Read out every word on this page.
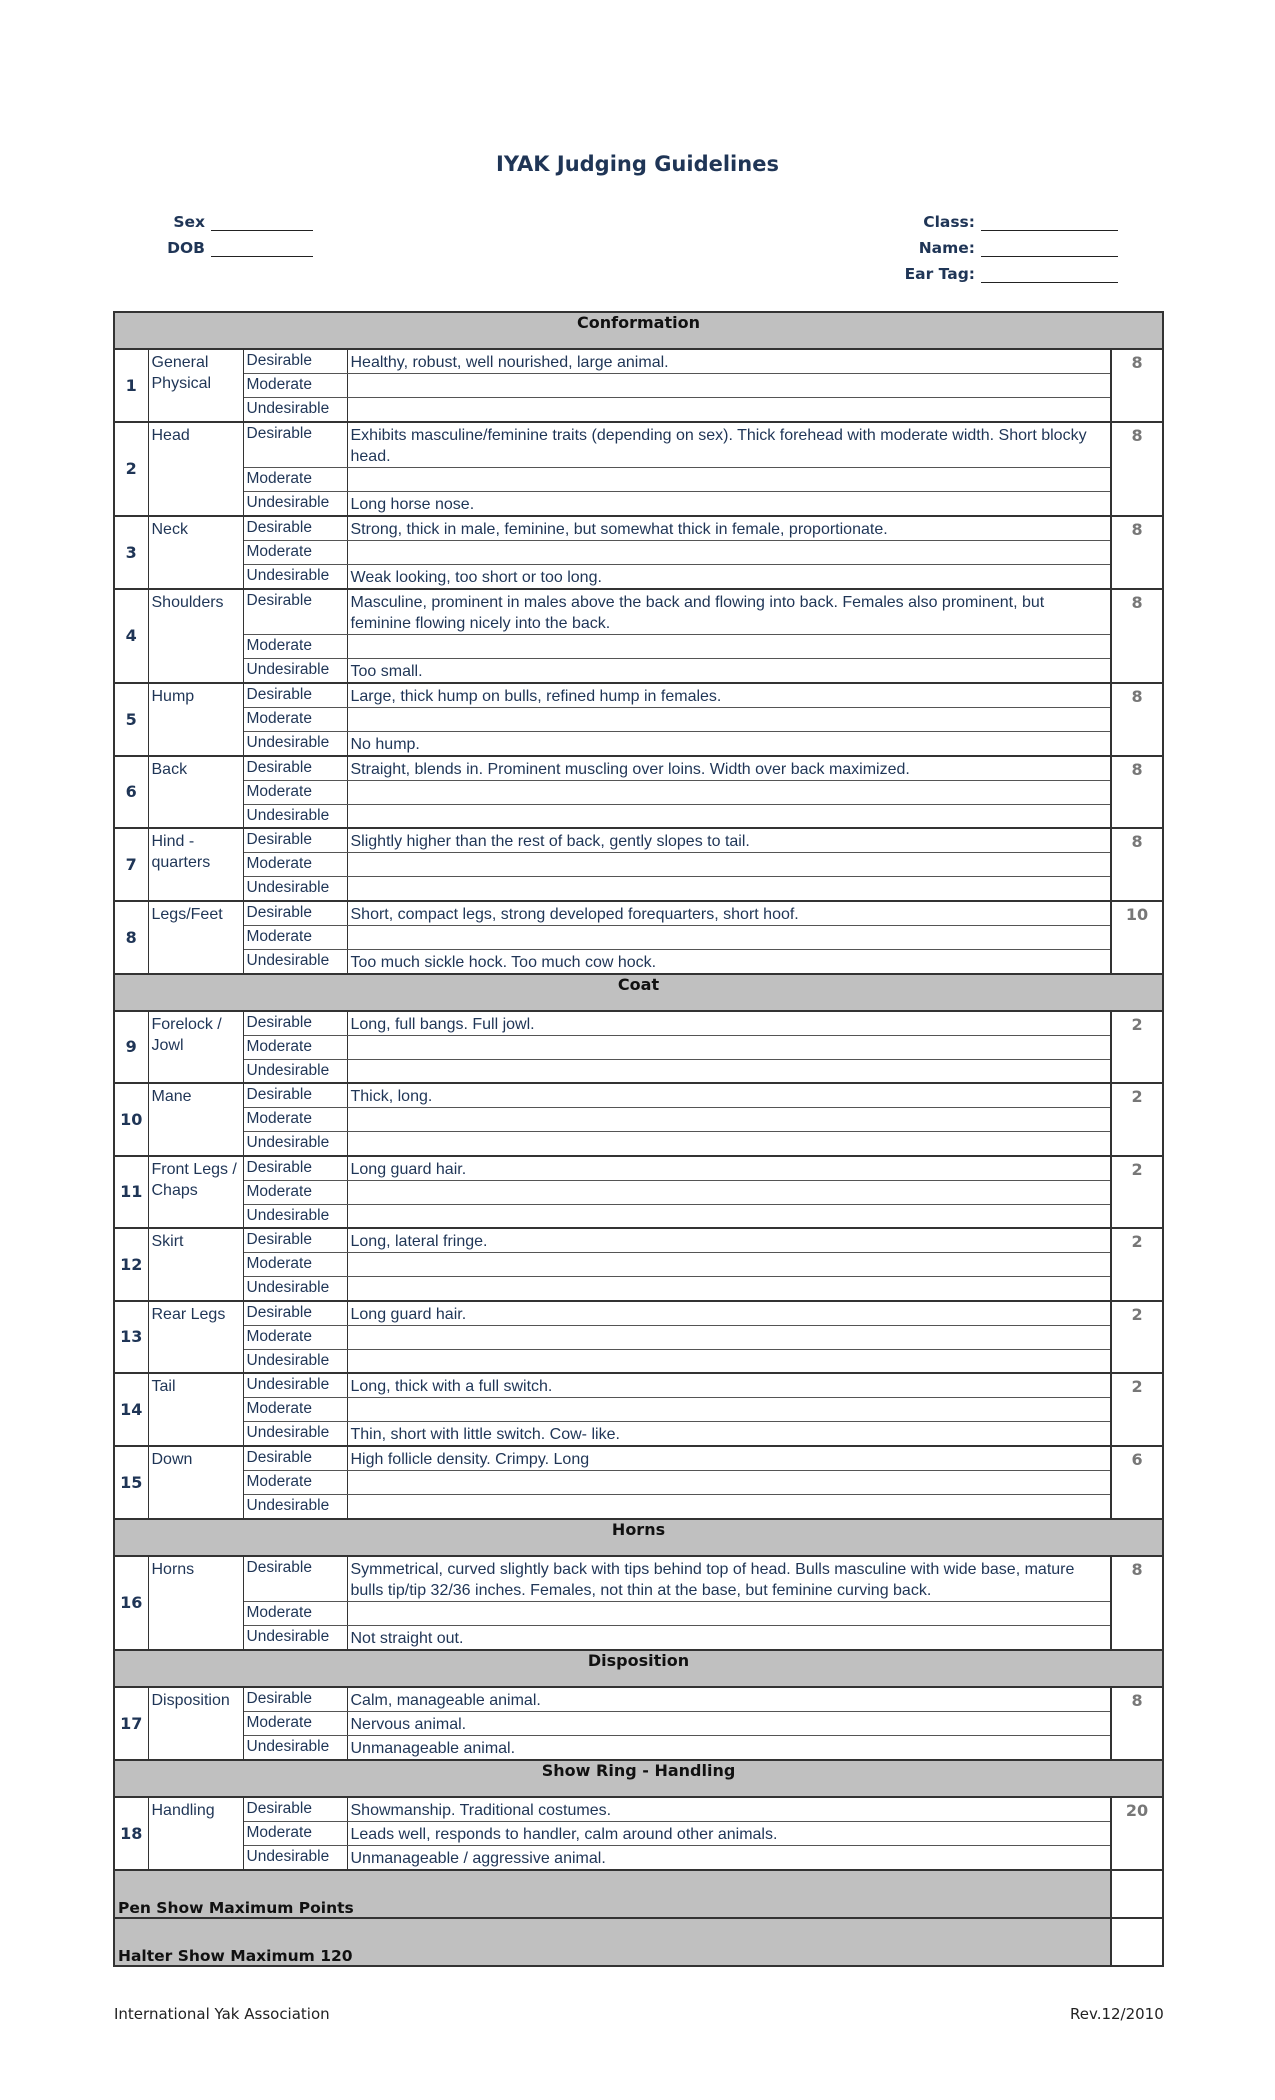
IYAK Judging Guidelines
Sex
DOB
Class:
Name:
Ear Tag:
Conformation				
1	General Physical	Desirable	Healthy, robust, well nourished, large animal.	8
		Moderate		
		Undesirable		
2	Head	Desirable	Exhibits masculine/feminine traits (depending on sex). Thick forehead with moderate width. Short blocky head.	8
		Moderate		
		Undesirable	Long horse nose.	
3	Neck	Desirable	Strong, thick in male, feminine, but somewhat thick in female, proportionate.	8
		Moderate		
		Undesirable	Weak looking, too short or too long.	
4	Shoulders	Desirable	Masculine, prominent in males above the back and flowing into back. Females also prominent, but feminine flowing nicely into the back.	8
		Moderate		
		Undesirable	Too small.	
5	Hump	Desirable	Large, thick hump on bulls, refined hump in females.	8
		Moderate		
		Undesirable	No hump.	
6	Back	Desirable	Straight, blends in. Prominent muscling over loins. Width over back maximized.	8
		Moderate		
		Undesirable		
7	Hind - quarters	Desirable	Slightly higher than the rest of back, gently slopes to tail.	8
		Moderate		
		Undesirable		
8	Legs/Feet	Desirable	Short, compact legs, strong developed forequarters, short hoof.	10
		Moderate		
		Undesirable	Too much sickle hock. Too much cow hock.	
Coat				
9	Forelock / Jowl	Desirable	Long, full bangs. Full jowl.	2
		Moderate		
		Undesirable		
10	Mane	Desirable	Thick, long.	2
		Moderate		
		Undesirable		
11	Front Legs / Chaps	Desirable	Long guard hair.	2
		Moderate		
		Undesirable		
12	Skirt	Desirable	Long, lateral fringe.	2
		Moderate		
		Undesirable		
13	Rear Legs	Desirable	Long guard hair.	2
		Moderate		
		Undesirable		
14	Tail	Undesirable	Long, thick with a full switch.	2
		Moderate		
		Undesirable	Thin, short with little switch. Cow- like.	
15	Down	Desirable	High follicle density. Crimpy. Long	6
		Moderate		
		Undesirable		
Horns				
16	Horns	Desirable	Symmetrical, curved slightly back with tips behind top of head. Bulls masculine with wide base, mature bulls tip/tip 32/36 inches. Females, not thin at the base, but feminine curving back.	8
		Moderate		
		Undesirable	Not straight out.	
Disposition				
17	Disposition	Desirable	Calm, manageable animal.	8
		Moderate	Nervous animal.	
		Undesirable	Unmanageable animal.	
Show Ring - Handling				
18	Handling	Desirable	Showmanship. Traditional costumes.	20
		Moderate	Leads well, responds to handler, calm around other animals.	
		Undesirable	Unmanageable / aggressive animal.	
Pen Show Maximum Points				
Halter Show Maximum 120				
International Yak Association	Rev.12/2010
